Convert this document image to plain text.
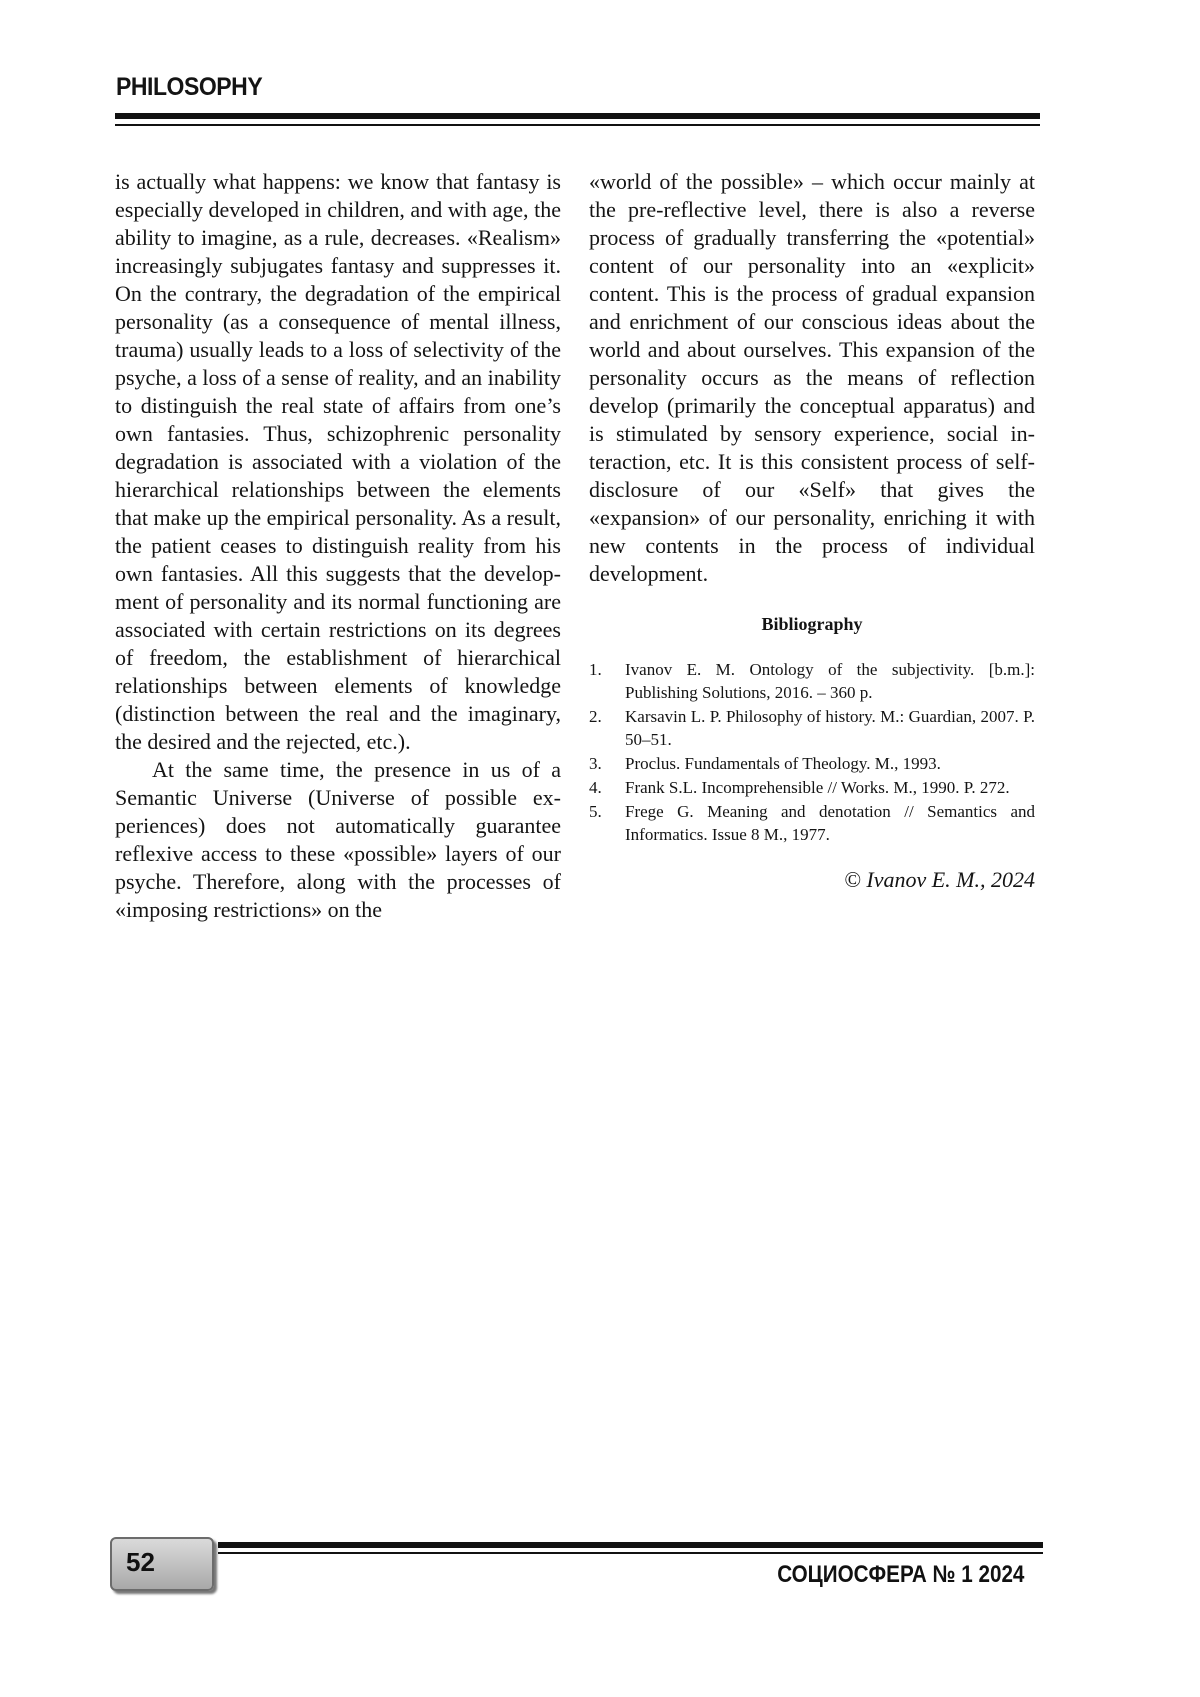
PHILOSOPHY

is actually what happens: we know that fantasy is especially developed in children, and with age, the ability to imagine, as a rule, decreases. «Realism» increasingly subjugates fantasy and suppresses it. On the contrary, the degradation of the empirical personality (as a consequence of mental illness, trauma) usually leads to a loss of selectivity of the psyche, a loss of a sense of reality, and an inability to distinguish the real state of affairs from one’s own fantasies. Thus, schizophrenic personality degradation is associated with a violation of the hierarchical relationships between the elements that make up the empirical personality. As a result, the patient ceases to distinguish reality from his own fantasies. All this suggests that the development of personality and its normal functioning are associated with certain restrictions on its degrees of freedom, the establishment of hierarchical relationships between elements of knowledge (distinction between the real and the imaginary, the desired and the rejected, etc.).

At the same time, the presence in us of a Semantic Universe (Universe of possible experiences) does not automatically guarantee reflexive access to these «possible» layers of our psyche. Therefore, along with the processes of «imposing restrictions» on the

«world of the possible» – which occur mainly at the pre-reflective level, there is also a reverse process of gradually transferring the «potential» content of our personality into an «explicit» content. This is the process of gradual expansion and enrichment of our conscious ideas about the world and about ourselves. This expansion of the personality occurs as the means of reflection develop (primarily the conceptual apparatus) and is stimulated by sensory experience, social interaction, etc. It is this consistent process of self-disclosure of our «Self» that gives the «expansion» of our personality, enriching it with new contents in the process of individual development.

Bibliography
1.	Ivanov E. M. Ontology of the subjectivity. [b.m.]: Publishing Solutions, 2016. – 360 p.
2.	Karsavin L. P. Philosophy of history. M.: Guardian, 2007. P. 50–51.
3.	Proclus. Fundamentals of Theology. M., 1993.
4.	Frank S.L. Incomprehensible // Works. M., 1990. P. 272.
5.	Frege G. Meaning and denotation // Semantics and Informatics. Issue 8 M., 1977.
© Ivanov E. M., 2024
52	СОЦИОСФЕРА № 1 2024
